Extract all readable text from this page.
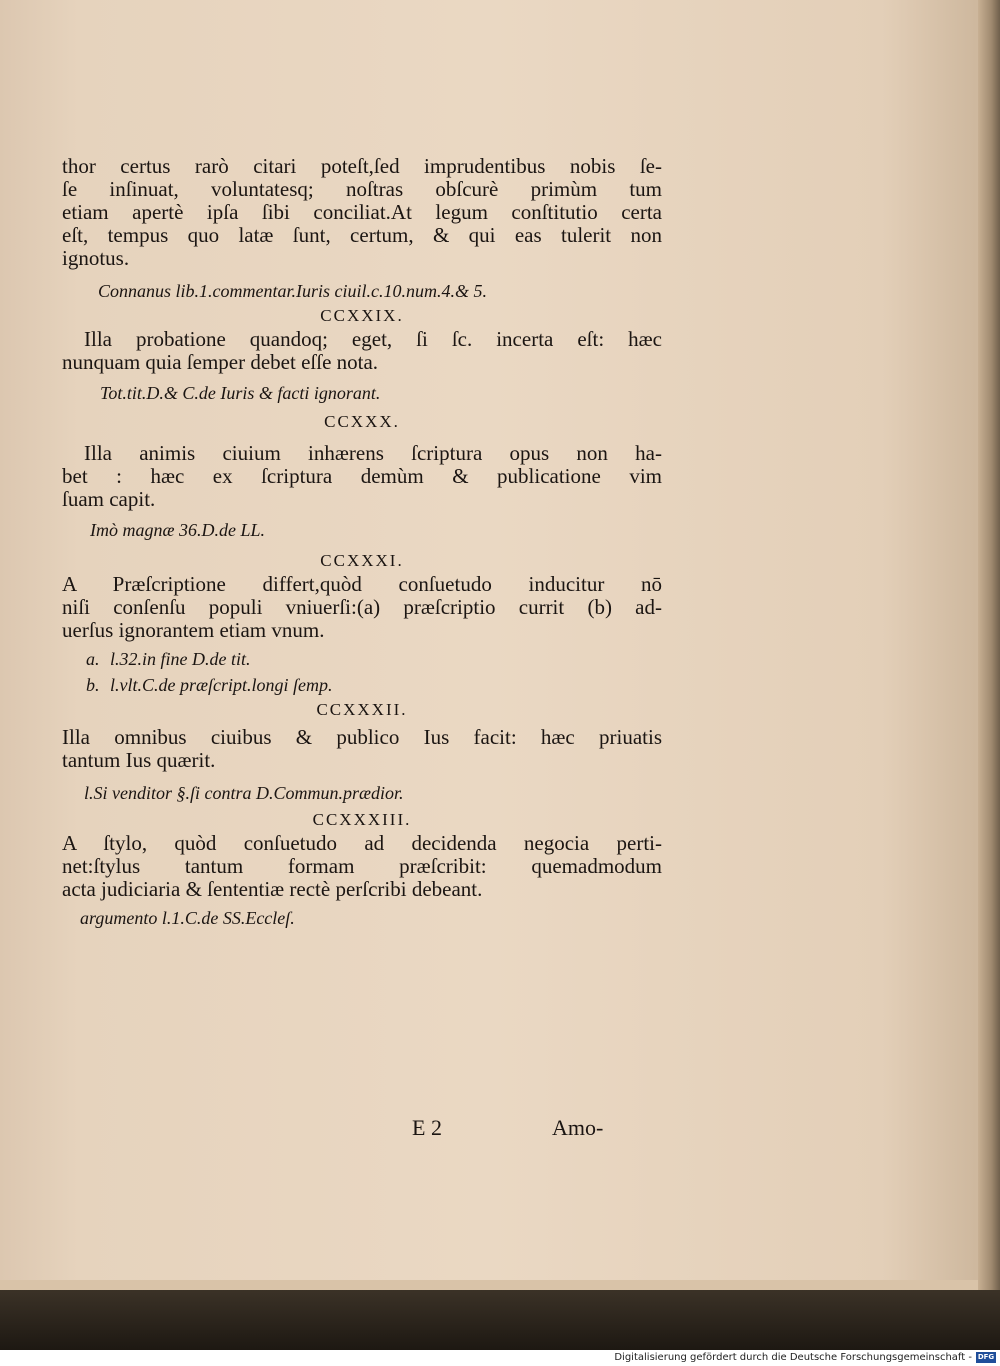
thor certus rarò citari poteſt,ſed imprudentibus nobis ſe-
ſe inſinuat, voluntatesq; noſtras obſcurè primùm tum
etiam apertè ipſa ſibi conciliat.At legum conſtitutio certa
eſt, tempus quo latæ ſunt, certum, & qui eas tulerit non
ignotus.
Connanus lib.1.commentar.Iuris ciuil.c.10.num.4.& 5.
CCXXIX.
Illa probatione quandoq; eget, ſi ſc. incerta eſt: hæc
nunquam quia ſemper debet eſſe nota.
Tot.tit.D.& C.de Iuris & facti ignorant.
CCXXX.
Illa animis ciuium inhærens ſcriptura opus non ha-
bet : hæc ex ſcriptura demùm & publicatione vim
ſuam capit.
Imò magnæ 36.D.de LL.
CCXXXI.
A Præſcriptione differt,quòd conſuetudo inducitur nō
niſi conſenſu populi vniuerſi:(a) præſcriptio currit (b) ad-
uerſus ignorantem etiam vnum.
a. l.32.in fine D.de tit.
b. l.vlt.C.de præſcript.longi ſemp.
CCXXXII.
Illa omnibus ciuibus & publico Ius facit: hæc priuatis
tantum Ius quærit.
l.Si venditor §.ſi contra D.Commun.prædior.
CCXXXIII.
A ſtylo, quòd conſuetudo ad decidenda negocia perti-
net:ſtylus tantum formam præſcribit: quemadmodum
acta judiciaria & ſententiæ rectè perſcribi debeant.
argumento l.1.C.de SS.Eccleſ.
E 2	Amo-
Digitalisierung gefördert durch die Deutsche Forschungsgemeinschaft - DFG
